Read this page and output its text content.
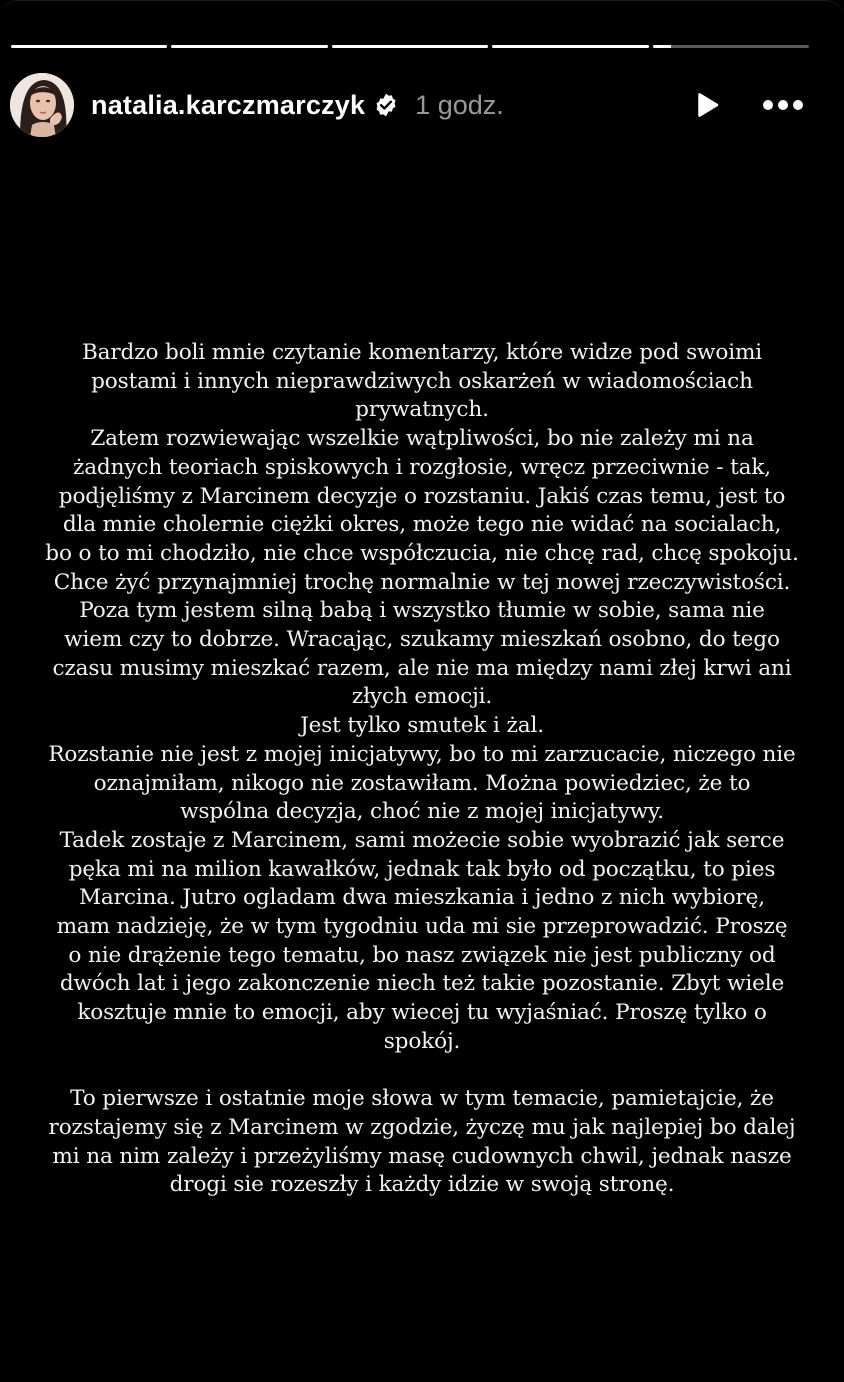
natalia.karczmarczyk 1 godz.

Bardzo boli mnie czytanie komentarzy, które widze pod swoimi

postami i innych nieprawdziwych oskarżeń w wiadomościach

prywatnych.

Zatem rozwiewając wszelkie wątpliwości, bo nie zależy mi na

żadnych teoriach spiskowych i rozgłosie, wręcz przeciwnie - tak,

podjęliśmy z Marcinem decyzje o rozstaniu. Jakiś czas temu, jest to

dla mnie cholernie ciężki okres, może tego nie widać na socialach,

bo o to mi chodziło, nie chce współczucia, nie chcę rad, chcę spokoju.

Chce żyć przynajmniej trochę normalnie w tej nowej rzeczywistości.

Poza tym jestem silną babą i wszystko tłumie w sobie, sama nie

wiem czy to dobrze. Wracając, szukamy mieszkań osobno, do tego

czasu musimy mieszkać razem, ale nie ma między nami złej krwi ani

złych emocji.

Jest tylko smutek i żal.

Rozstanie nie jest z mojej inicjatywy, bo to mi zarzucacie, niczego nie

oznajmiłam, nikogo nie zostawiłam. Można powiedziec, że to

wspólna decyzja, choć nie z mojej inicjatywy.

Tadek zostaje z Marcinem, sami możecie sobie wyobrazić jak serce

pęka mi na milion kawałków, jednak tak było od początku, to pies

Marcina. Jutro ogladam dwa mieszkania i jedno z nich wybiorę,

mam nadzieję, że w tym tygodniu uda mi sie przeprowadzić. Proszę

o nie drążenie tego tematu, bo nasz związek nie jest publiczny od

dwóch lat i jego zakonczenie niech też takie pozostanie. Zbyt wiele

kosztuje mnie to emocji, aby wiecej tu wyjaśniać. Proszę tylko o

spokój.

To pierwsze i ostatnie moje słowa w tym temacie, pamietajcie, że

rozstajemy się z Marcinem w zgodzie, życzę mu jak najlepiej bo dalej

mi na nim zależy i przeżyliśmy masę cudownych chwil, jednak nasze

drogi sie rozeszły i każdy idzie w swoją stronę.
